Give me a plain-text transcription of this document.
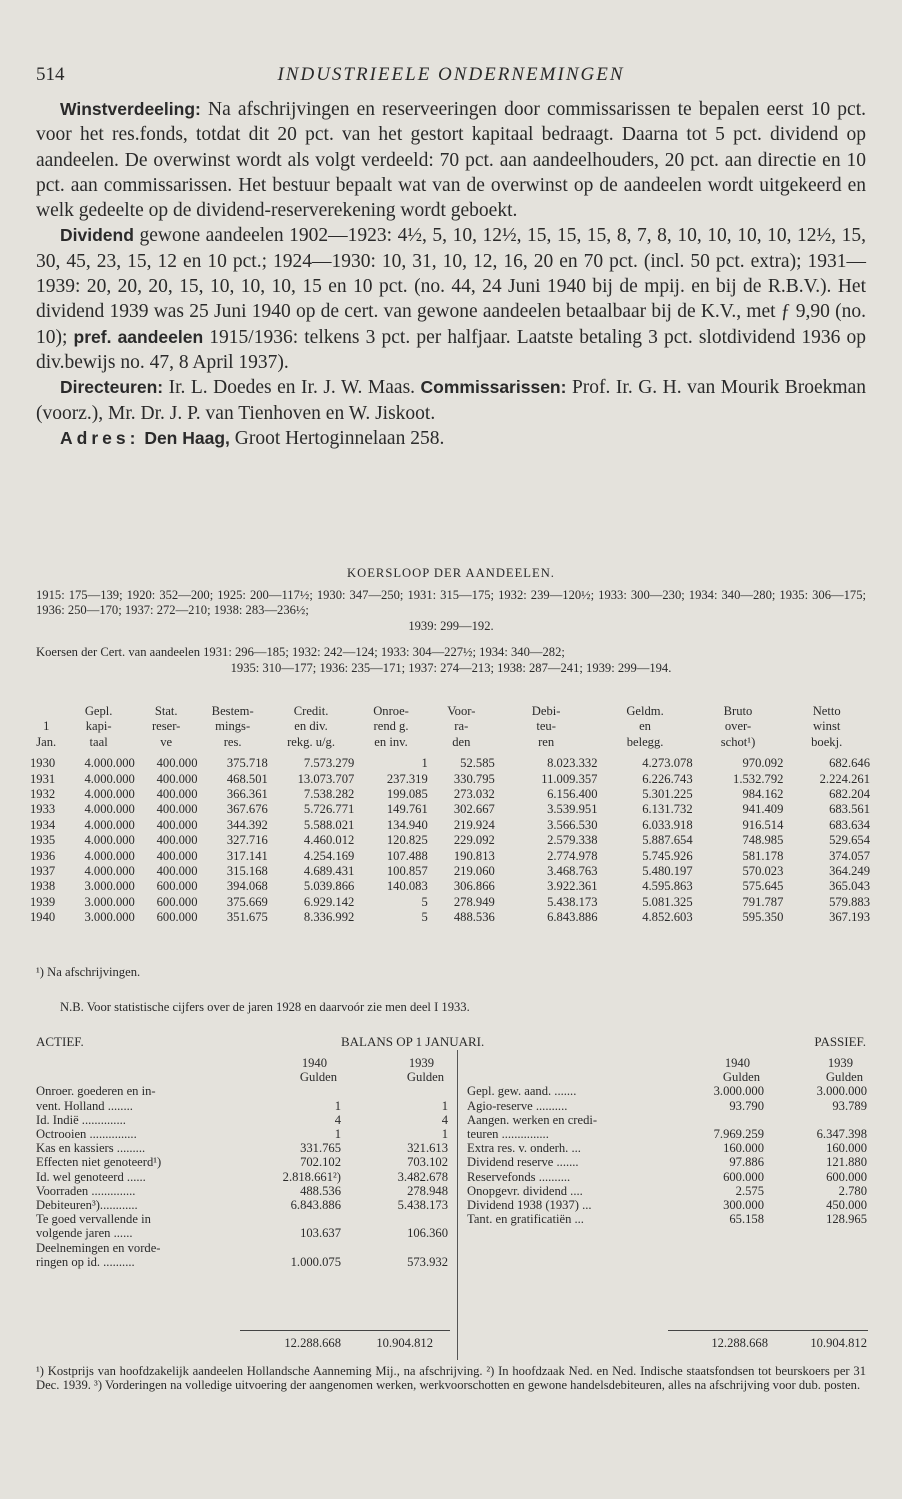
514	INDUSTRIEELE ONDERNEMINGEN

Winstverdeeling: Na afschrijvingen en reserveeringen door commissarissen te bepalen eerst 10 pct. voor het res.fonds, totdat dit 20 pct. van het gestort kapitaal bedraagt. Daarna tot 5 pct. dividend op aandeelen. De overwinst wordt als volgt verdeeld: 70 pct. aan aandeelhouders, 20 pct. aan directie en 10 pct. aan commissarissen. Het bestuur bepaalt wat van de overwinst op de aandeelen wordt uitgekeerd en welk gedeelte op de dividend-reserverekening wordt geboekt.

Dividend gewone aandeelen 1902—1923: 4½, 5, 10, 12½, 15, 15, 15, 8, 7, 8, 10, 10, 10, 10, 12½, 15, 30, 45, 23, 15, 12 en 10 pct.; 1924—1930: 10, 31, 10, 12, 16, 20 en 70 pct. (incl. 50 pct. extra); 1931—1939: 20, 20, 20, 15, 10, 10, 10, 15 en 10 pct. (no. 44, 24 Juni 1940 bij de mpij. en bij de R.B.V.). Het dividend 1939 was 25 Juni 1940 op de cert. van gewone aandeelen betaalbaar bij de K.V., met ƒ 9,90 (no. 10); pref. aandeelen 1915/1936: telkens 3 pct. per halfjaar. Laatste betaling 3 pct. slotdividend 1936 op div.bewijs no. 47, 8 April 1937).

Directeuren: Ir. L. Doedes en Ir. J. W. Maas. Commissarissen: Prof. Ir. G. H. van Mourik Broekman (voorz.), Mr. Dr. J. P. van Tienhoven en W. Jiskoot.

Adres: Den Haag, Groot Hertoginnelaan 258.

KOERSLOOP DER AANDEELEN.
1915: 175—139; 1920: 352—200; 1925: 200—117½; 1930: 347—250; 1931: 315—175; 1932: 239—120½; 1933: 300—230; 1934: 340—280; 1935: 306—175; 1936: 250—170; 1937: 272—210; 1938: 283—236½;
1939: 299—192.
Koersen der Cert. van aandeelen 1931: 296—185; 1932: 242—124; 1933: 304—227½; 1934: 340—282;
1935: 310—177; 1936: 235—171; 1937: 274—213; 1938: 287—241; 1939: 299—194.
	Gepl.	Stat.	Bestem-	Credit.	Onroe-	Voor-	Debi-	Geldm.	Bruto	Netto
1	kapi-	reser-	mings-	en div.	rend g.	ra-	teu-	en	over-	winst
Jan.	taal	ve	res.	rekg. u/g.	en inv.	den	ren	belegg.	schot¹)	boekj.
1930	4.000.000	400.000	375.718	7.573.279	1	52.585	8.023.332	4.273.078	970.092	682.646
1931	4.000.000	400.000	468.501	13.073.707	237.319	330.795	11.009.357	6.226.743	1.532.792	2.224.261
1932	4.000.000	400.000	366.361	7.538.282	199.085	273.032	6.156.400	5.301.225	984.162	682.204
1933	4.000.000	400.000	367.676	5.726.771	149.761	302.667	3.539.951	6.131.732	941.409	683.561
1934	4.000.000	400.000	344.392	5.588.021	134.940	219.924	3.566.530	6.033.918	916.514	683.634
1935	4.000.000	400.000	327.716	4.460.012	120.825	229.092	2.579.338	5.887.654	748.985	529.654
1936	4.000.000	400.000	317.141	4.254.169	107.488	190.813	2.774.978	5.745.926	581.178	374.057
1937	4.000.000	400.000	315.168	4.689.431	100.857	219.060	3.468.763	5.480.197	570.023	364.249
1938	3.000.000	600.000	394.068	5.039.866	140.083	306.866	3.922.361	4.595.863	575.645	365.043
1939	3.000.000	600.000	375.669	6.929.142	5	278.949	5.438.173	5.081.325	791.787	579.883
1940	3.000.000	600.000	351.675	8.336.992	5	488.536	6.843.886	4.852.603	595.350	367.193
¹) Na afschrijvingen.
N.B. Voor statistische cijfers over de jaren 1928 en daarvoór zie men deel I 1933.
ACTIEF.	BALANS OP 1 JANUARI.	PASSIEF.
	1940	1939
	Gulden	Gulden
Onroer. goederen en in-		
vent. Holland ........	1	1
Id. Indië ..............	4	4
Octrooien ...............	1	1
Kas en kassiers .........	331.765	321.613
Effecten niet genoteerd¹)	702.102	703.102
Id. wel genoteerd ......	2.818.661²)	3.482.678
Voorraden ..............	488.536	278.948
Debiteuren³)............	6.843.886	5.438.173
Te goed vervallende in		
volgende jaren ......	103.637	106.360
Deelnemingen en vorde-		
ringen op id. ..........	1.000.075	573.932
	1940	1939
	Gulden	Gulden
Gepl. gew. aand. .......	3.000.000	3.000.000
Agio-reserve ..........	93.790	93.789
Aangen. werken en credi-		
teuren ...............	7.969.259	6.347.398
Extra res. v. onderh. ...	160.000	160.000
Dividend reserve .......	97.886	121.880
Reservefonds ..........	600.000	600.000
Onopgevr. dividend ....	2.575	2.780
Dividend 1938 (1937) ...	300.000	450.000
Tant. en gratificatiën ...	65.158	128.965
12.288.668	10.904.812	12.288.668	10.904.812
¹) Kostprijs van hoofdzakelijk aandeelen Hollandsche Aanneming Mij., na afschrijving. ²) In hoofdzaak Ned. en Ned. Indische staatsfondsen tot beurskoers per 31 Dec. 1939. ³) Vorderingen na volledige uitvoering der aangenomen werken, werkvoorschotten en gewone handelsdebiteuren, alles na afschrijving voor dub. posten.
